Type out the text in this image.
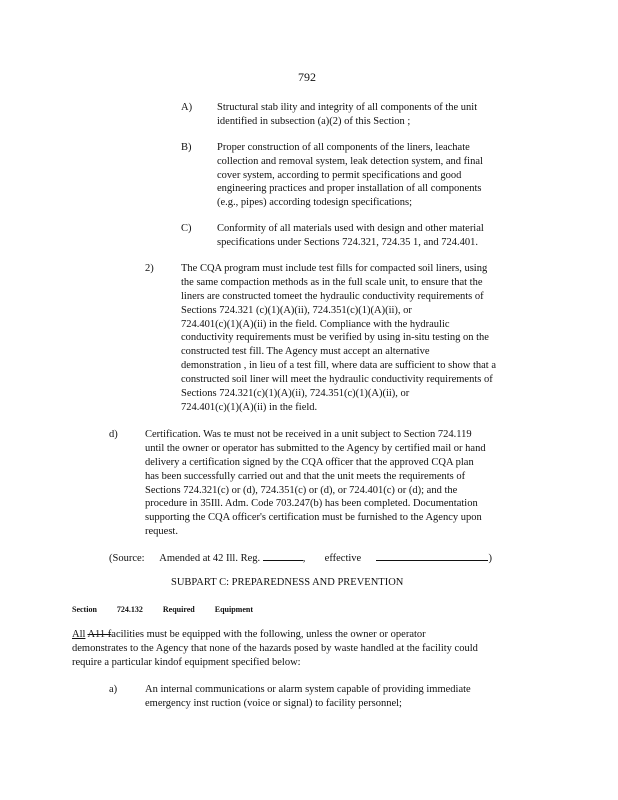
792
A) Structural stab ility and integrity of all components of the unit
identified in subsection (a)(2) of this Section ;
B) Proper construction of all components of the liners, leachate
collection and removal system, leak detection system, and final
cover system, according to permit specifications and good
engineering practices and proper installation of all components
(e.g., pipes) according todesign specifications;
C) Conformity of all materials used with design and other material
specifications under Sections 724.321, 724.35 1, and 724.401.
2)	The CQA program must include test fills for compacted soil liners, using
the same compaction methods as in the full scale unit, to ensure that the
liners are constructed tomeet the hydraulic conductivity requirements of
Sections 724.321 (c)(1)(A)(ii), 724.351(c)(1)(A)(ii), or
724.401(c)(1)(A)(ii) in the field. Compliance with the hydraulic
conductivity requirements must be verified by using in-situ testing on the
constructed test fill. The Agency must accept an alternative
demonstration , in lieu of a test fill, where data are sufficient to show that a
constructed soil liner will meet the hydraulic conductivity requirements of
Sections 724.321(c)(1)(A)(ii), 724.351(c)(1)(A)(ii), or
724.401(c)(1)(A)(ii) in the field.
d)	Certification. Was te must not be received in a unit subject to Section 724.119
until the owner or operator has submitted to the Agency by certified mail or hand
delivery a certification signed by the CQA officer that the approved CQA plan
has been successfully carried out and that the unit meets the requirements of
Sections 724.321(c) or (d), 724.351(c) or (d), or 724.401(c) or (d); and the
procedure in 35Ill. Adm. Code 703.247(b) has been completed. Documentation
supporting the CQA officer's certification must be furnished to the Agency upon
request.
(Source: Amended at 42 Ill. Reg.	, effective	)
SUBPART C: PREPAREDNESS AND PREVENTION
Section	724.132	Required	Equipment
All A11 facilities must be equipped with the following, unless the owner or operator
demonstrates to the Agency that none of the hazards posed by waste handled at the facility could
require a particular kindof equipment specified below:
a)	An internal communications or alarm system capable of providing immediate
emergency inst ruction (voice or signal) to facility personnel;
